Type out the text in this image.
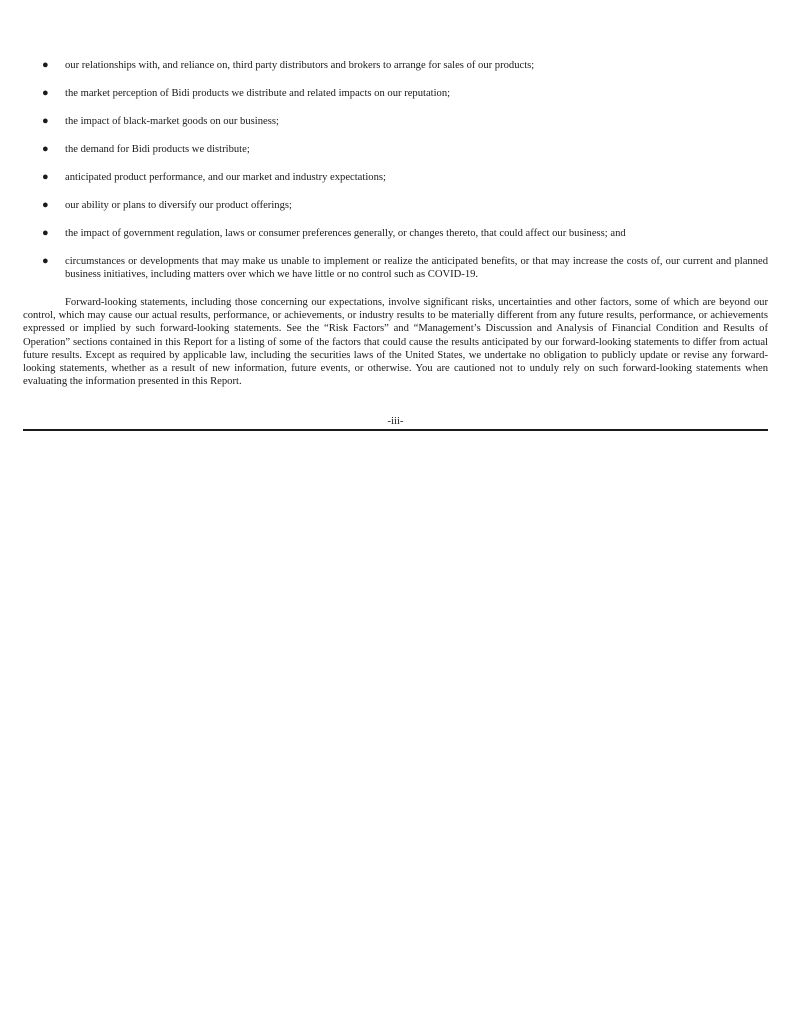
● our relationships with, and reliance on, third party distributors and brokers to arrange for sales of our products;
● the market perception of Bidi products we distribute and related impacts on our reputation;
● the impact of black-market goods on our business;
● the demand for Bidi products we distribute;
● anticipated product performance, and our market and industry expectations;
● our ability or plans to diversify our product offerings;
● the impact of government regulation, laws or consumer preferences generally, or changes thereto, that could affect our business; and
● circumstances or developments that may make us unable to implement or realize the anticipated benefits, or that may increase the costs of, our current and planned business initiatives, including matters over which we have little or no control such as COVID-19.

Forward-looking statements, including those concerning our expectations, involve significant risks, uncertainties and other factors, some of which are beyond our control, which may cause our actual results, performance, or achievements, or industry results to be materially different from any future results, performance, or achievements expressed or implied by such forward-looking statements. See the “Risk Factors” and “Management’s Discussion and Analysis of Financial Condition and Results of Operation” sections contained in this Report for a listing of some of the factors that could cause the results anticipated by our forward-looking statements to differ from actual future results. Except as required by applicable law, including the securities laws of the United States, we undertake no obligation to publicly update or revise any forward-looking statements, whether as a result of new information, future events, or otherwise. You are cautioned not to unduly rely on such forward-looking statements when evaluating the information presented in this Report.

-iii-
